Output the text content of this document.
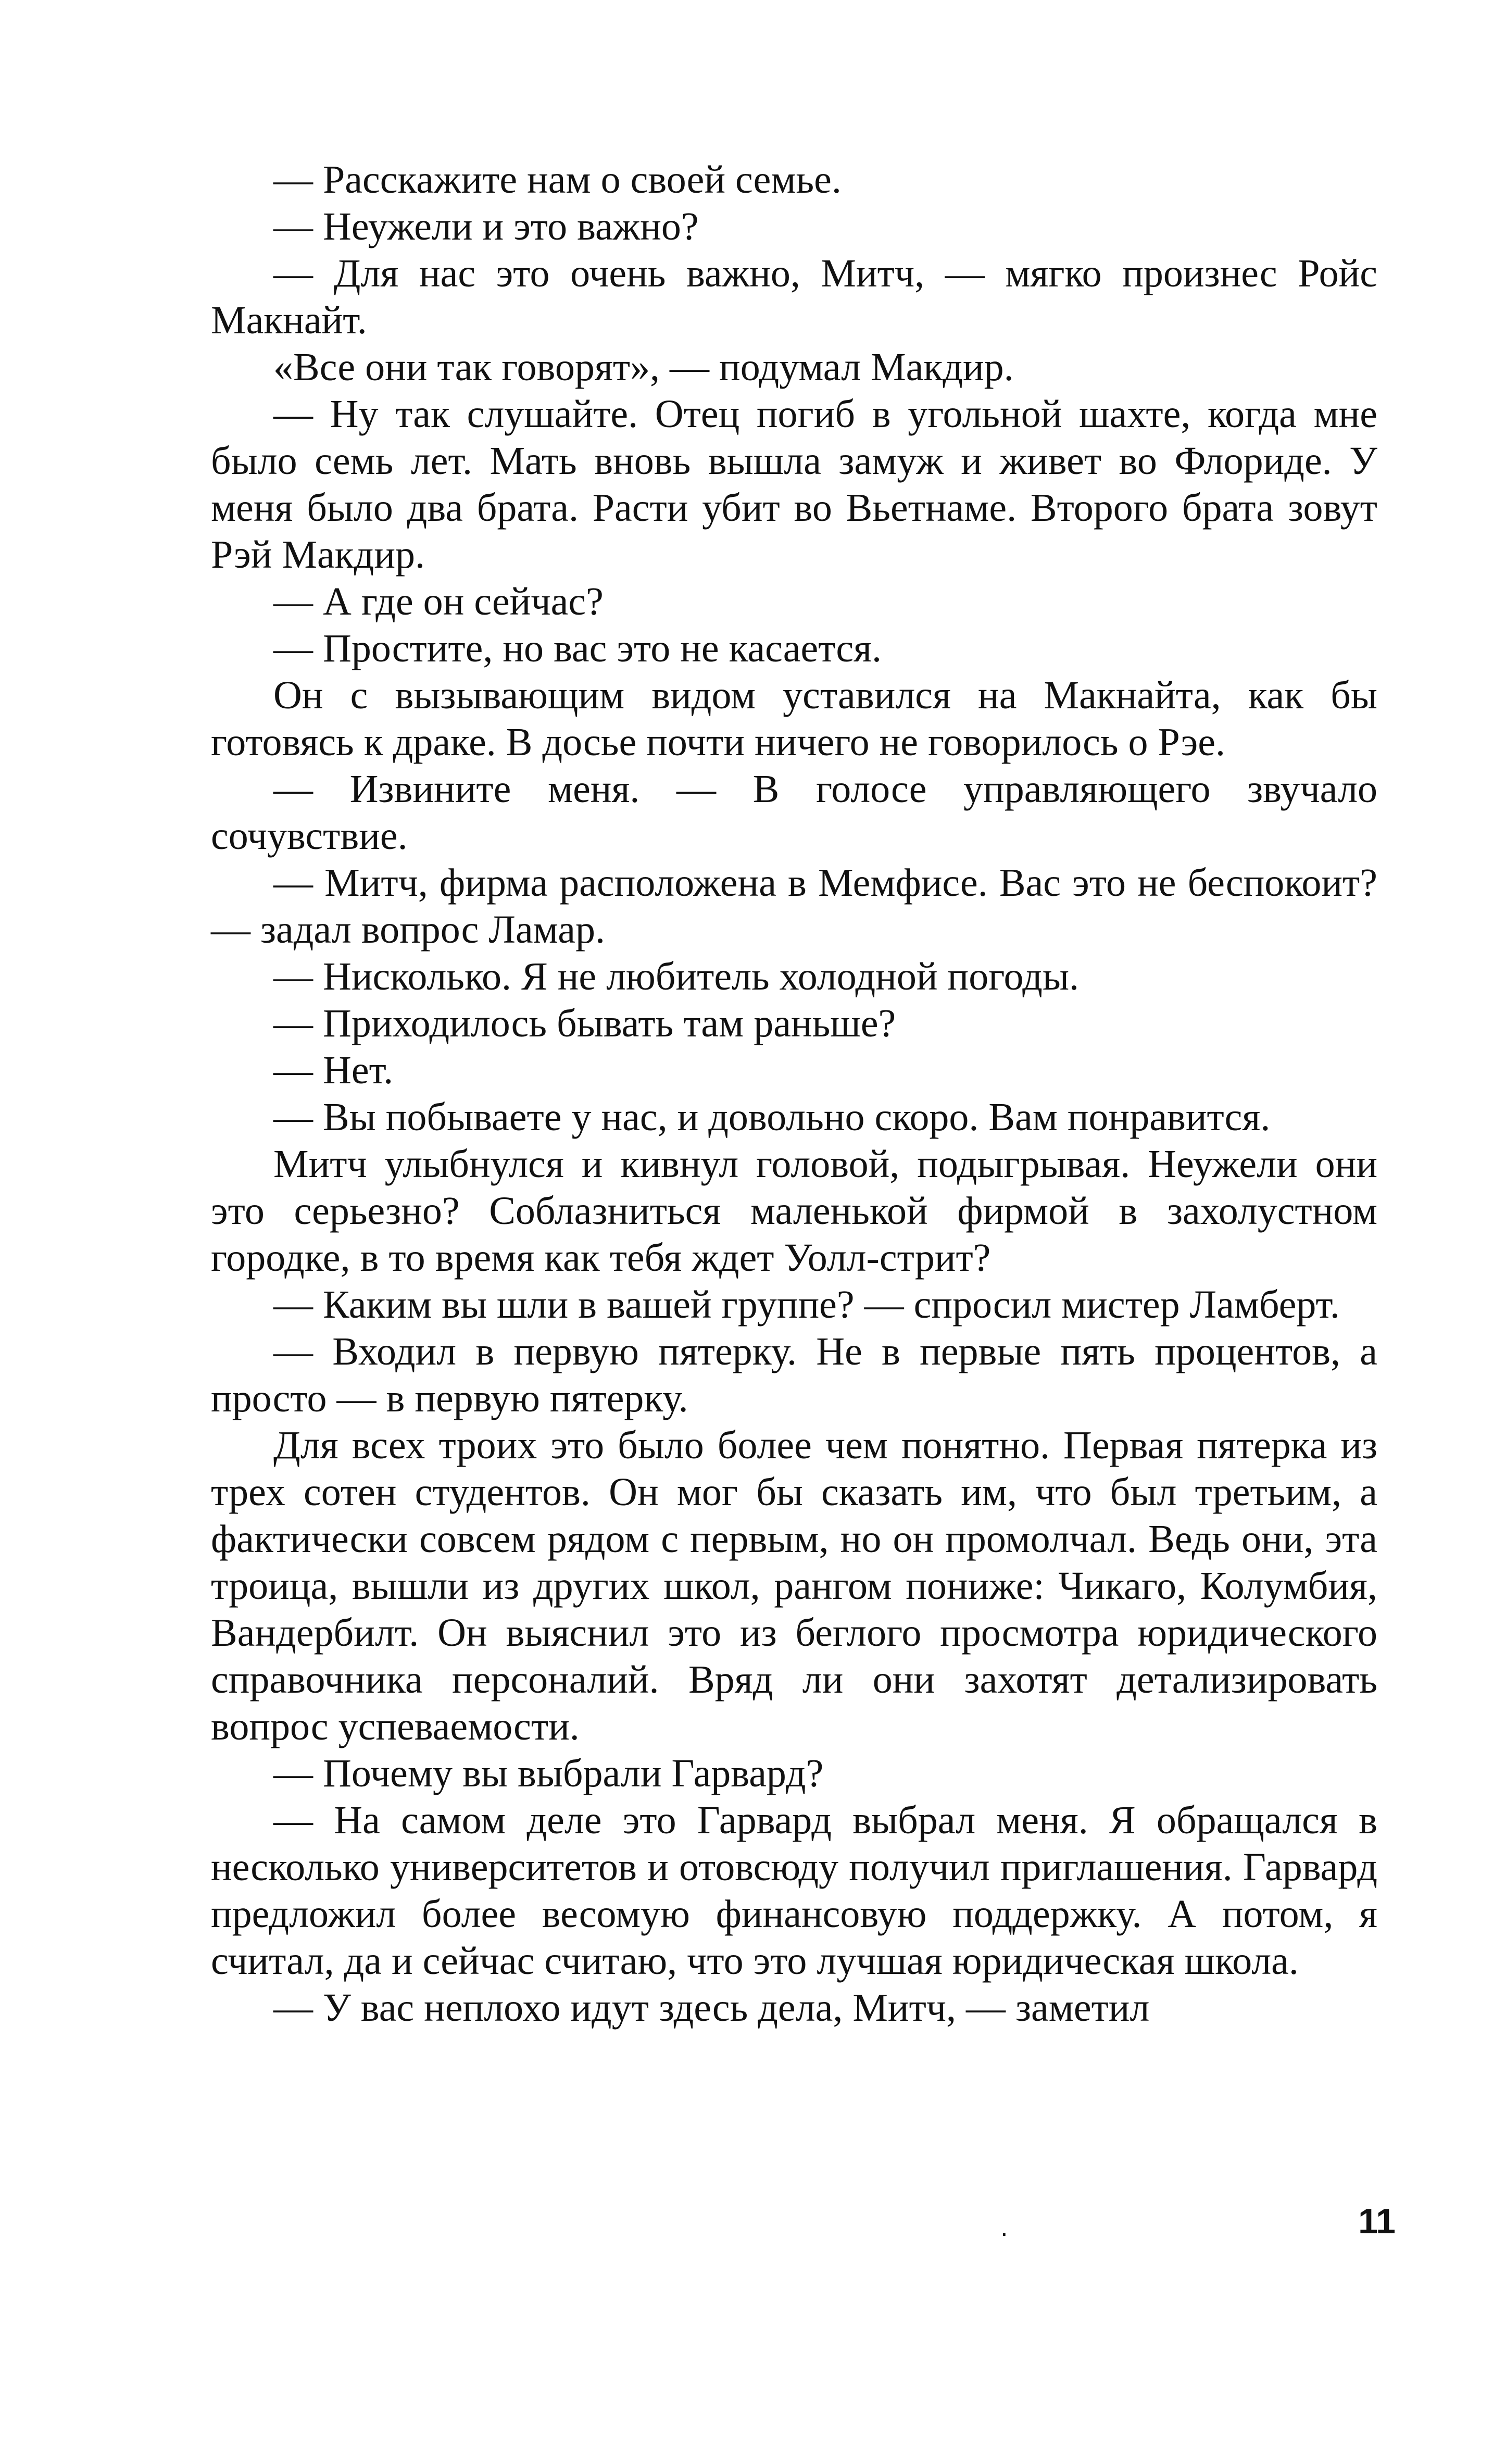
— Расскажите нам о своей семье.

— Неужели и это важно?

— Для нас это очень важно, Митч, — мягко произнес Ройс Макнайт.

«Все они так говорят», — подумал Макдир.

— Ну так слушайте. Отец погиб в угольной шахте, когда мне было семь лет. Мать вновь вышла замуж и живет во Флориде. У меня было два брата. Расти убит во Вьетнаме. Второго брата зовут Рэй Макдир.

— А где он сейчас?

— Простите, но вас это не касается.

Он с вызывающим видом уставился на Макнайта, как бы готовясь к драке. В досье почти ничего не говорилось о Рэе.

— Извините меня. — В голосе управляющего звучало сочувствие.

— Митч, фирма расположена в Мемфисе. Вас это не беспокоит? — задал вопрос Ламар.

— Нисколько. Я не любитель холодной погоды.

— Приходилось бывать там раньше?

— Нет.

— Вы побываете у нас, и довольно скоро. Вам понравится.

Митч улыбнулся и кивнул головой, подыгрывая. Неужели они это серьезно? Соблазниться маленькой фирмой в захолустном городке, в то время как тебя ждет Уолл-стрит?

— Каким вы шли в вашей группе? — спросил мистер Ламберт.

— Входил в первую пятерку. Не в первые пять процентов, а просто — в первую пятерку.

Для всех троих это было более чем понятно. Первая пятерка из трех сотен студентов. Он мог бы сказать им, что был третьим, а фактически совсем рядом с первым, но он промолчал. Ведь они, эта троица, вышли из других школ, рангом пониже: Чикаго, Колумбия, Вандербилт. Он выяснил это из беглого просмотра юридического справочника персоналий. Вряд ли они захотят детализировать вопрос успеваемости.

— Почему вы выбрали Гарвард?

— На самом деле это Гарвард выбрал меня. Я обращался в несколько университетов и отовсюду получил приглашения. Гарвард предложил более весомую финансовую поддержку. А потом, я считал, да и сейчас считаю, что это лучшая юридическая школа.

— У вас неплохо идут здесь дела, Митч, — заметил

·	11
